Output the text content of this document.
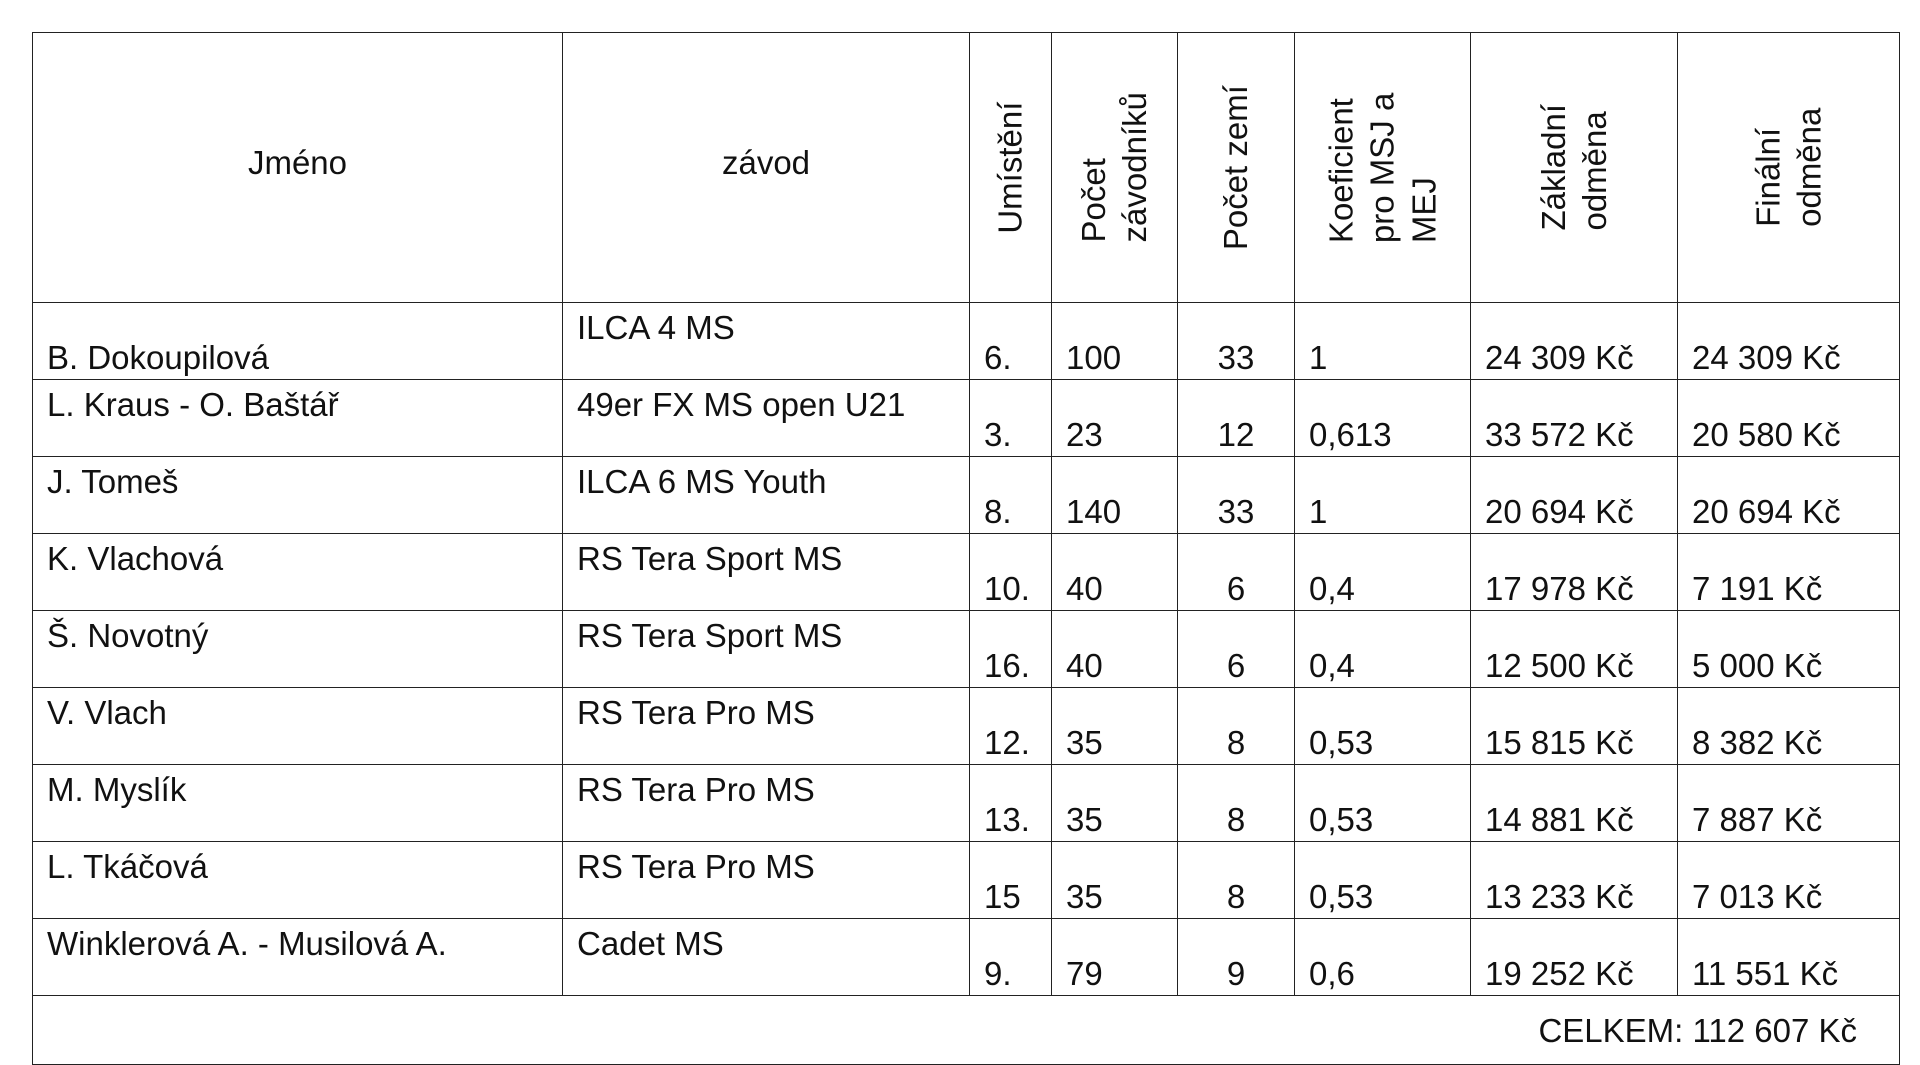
Jméno	závod	Umístění	Počet závodníků	Počet zemí	Koeficient pro MSJ a MEJ	Základní odměna	Finální odměna

B. Dokoupilová	ILCA 4 MS	6.	100	33	1	24 309 Kč	24 309 Kč
L. Kraus - O. Baštář	49er FX MS open U21	3.	23	12	0,613	33 572 Kč	20 580 Kč
J. Tomeš	ILCA 6 MS Youth	8.	140	33	1	20 694 Kč	20 694 Kč
K. Vlachová	RS Tera Sport MS	10.	40	6	0,4	17 978 Kč	7 191 Kč
Š. Novotný	RS Tera Sport MS	16.	40	6	0,4	12 500 Kč	5 000 Kč
V. Vlach	RS Tera Pro MS	12.	35	8	0,53	15 815 Kč	8 382 Kč
M. Myslík	RS Tera Pro MS	13.	35	8	0,53	14 881 Kč	7 887 Kč
L. Tkáčová	RS Tera Pro MS	15	35	8	0,53	13 233 Kč	7 013 Kč
Winklerová A. - Musilová A.	Cadet MS	9.	79	9	0,6	19 252 Kč	11 551 Kč
CELKEM: 112 607 Kč							
